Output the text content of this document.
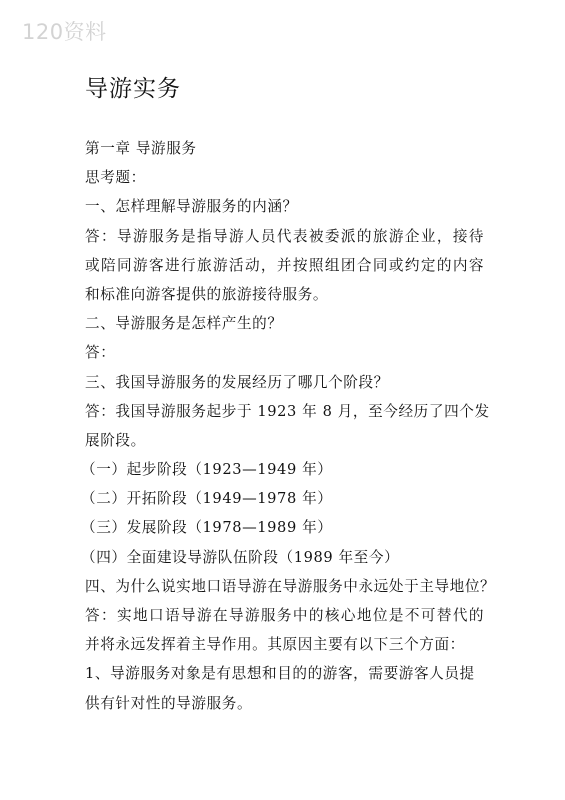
120资料
导游实务
第一章 导游服务
思考题：
一、怎样理解导游服务的内涵？
答：导游服务是指导游人员代表被委派的旅游企业，接待
或陪同游客进行旅游活动，并按照组团合同或约定的内容
和标准向游客提供的旅游接待服务。
二、导游服务是怎样产生的？
答：
三、我国导游服务的发展经历了哪几个阶段？
答：我国导游服务起步于 1923 年 8 月，至今经历了四个发
展阶段。
（一）起步阶段（1923—1949 年）
（二）开拓阶段（1949—1978 年）
（三）发展阶段（1978—1989 年）
（四）全面建设导游队伍阶段（1989 年至今）
四、为什么说实地口语导游在导游服务中永远处于主导地位？
答：实地口语导游在导游服务中的核心地位是不可替代的
并将永远发挥着主导作用。其原因主要有以下三个方面：
1、导游服务对象是有思想和目的的游客，需要游客人员提
供有针对性的导游服务。
